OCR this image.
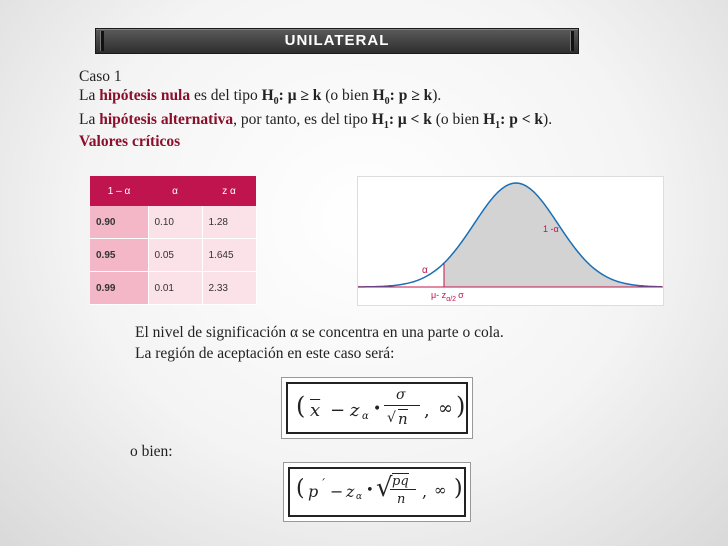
UNILATERAL
Caso 1
La hipótesis nula es del tipo $H_0$: μ ≥ k (o bien $H_0$: p ≥ k).
La hipótesis alternativa, por tanto, es del tipo $H_1$: μ < k (o bien $H_1$: p < k).
Valores críticos
1 – α	α	z α
0.90	0.10	1.28
0.95	0.05	1.645
0.99	0.01	2.33
1 -α
α
μ- $z_{\alpha/2}$ σ
El nivel de significación α se concentra en una parte o cola.
La región de aceptación en este caso será:
( $\overline{x} - z$ α •
σ
√ n , ∞ )
o bien:
( p ´ − z α • √ pq
n , ∞ )
